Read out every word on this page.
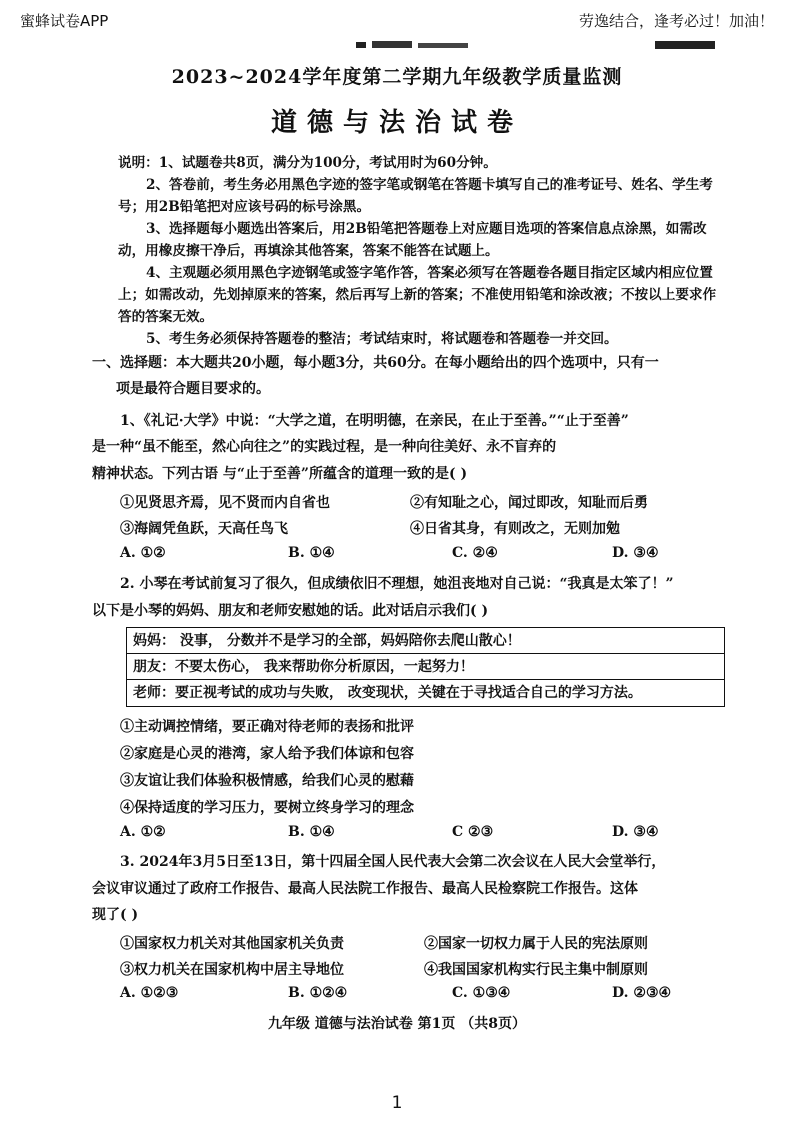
蜜蜂试卷APP	劳逸结合，逢考必过！加油！
2023~2024学年度第二学期九年级教学质量监测
道德与法治试卷

说明：1、试题卷共8页，满分为100分，考试用时为60分钟。

2、答卷前，考生务必用黑色字迹的签字笔或钢笔在答题卡填写自己的准考证号、姓名、学生考号；用2B铅笔把对应该号码的标号涂黑。

3、选择题每小题选出答案后，用2B铅笔把答题卷上对应题目选项的答案信息点涂黑，如需改动，用橡皮擦干净后，再填涂其他答案，答案不能答在试题上。

4、主观题必须用黑色字迹钢笔或签字笔作答，答案必须写在答题卷各题目指定区域内相应位置上；如需改动，先划掉原来的答案，然后再写上新的答案；不准使用铅笔和涂改液；不按以上要求作答的答案无效。

5、考生务必须保持答题卷的整洁；考试结束时，将试题卷和答题卷一并交回。

一、选择题：本大题共20小题，每小题3分，共60分。在每小题给出的四个选项中，只有一
项是最符合题目要求的。
1、《礼记·大学》中说：“大学之道，在明明德，在亲民，在止于至善。”“止于至善”
是一种“虽不能至，然心向往之”的实践过程，是一种向往美好、永不盲弃的
精神状态。下列古语 与“止于至善”所蕴含的道理一致的是( )
①见贤思齐焉，见不贤而内自省也	②有知耻之心，闻过即改，知耻而后勇
③海阔凭鱼跃，天高任鸟飞	④日省其身，有则改之，无则加勉
A. ①②	B. ①④	C. ②④	D. ③④
2. 小琴在考试前复习了很久，但成绩依旧不理想，她沮丧地对自己说：“我真是太笨了！”
以下是小琴的妈妈、朋友和老师安慰她的话。此对话启示我们( )
妈妈： 没事， 分数并不是学习的全部，妈妈陪你去爬山散心！
朋友：不要太伤心， 我来帮助你分析原因，一起努力！
老师：要正视考试的成功与失败， 改变现状，关键在于寻找适合自己的学习方法。
①主动调控情绪，要正确对待老师的表扬和批评
②家庭是心灵的港湾，家人给予我们体谅和包容
③友谊让我们体验积极情感，给我们心灵的慰藉
④保持适度的学习压力，要树立终身学习的理念
A. ①②	B. ①④	C ②③	D. ③④
3. 2024年3月5日至13日，第十四届全国人民代表大会第二次会议在人民大会堂举行，
会议审议通过了政府工作报告、最高人民法院工作报告、最高人民检察院工作报告。这体
现了( )
①国家权力机关对其他国家机关负责	②国家一切权力属于人民的宪法原则
③权力机关在国家机构中居主导地位	④我国国家机构实行民主集中制原则
A. ①②③	B. ①②④	C. ①③④	D. ②③④
九年级 道德与法治试卷 第1页 （共8页）
1
